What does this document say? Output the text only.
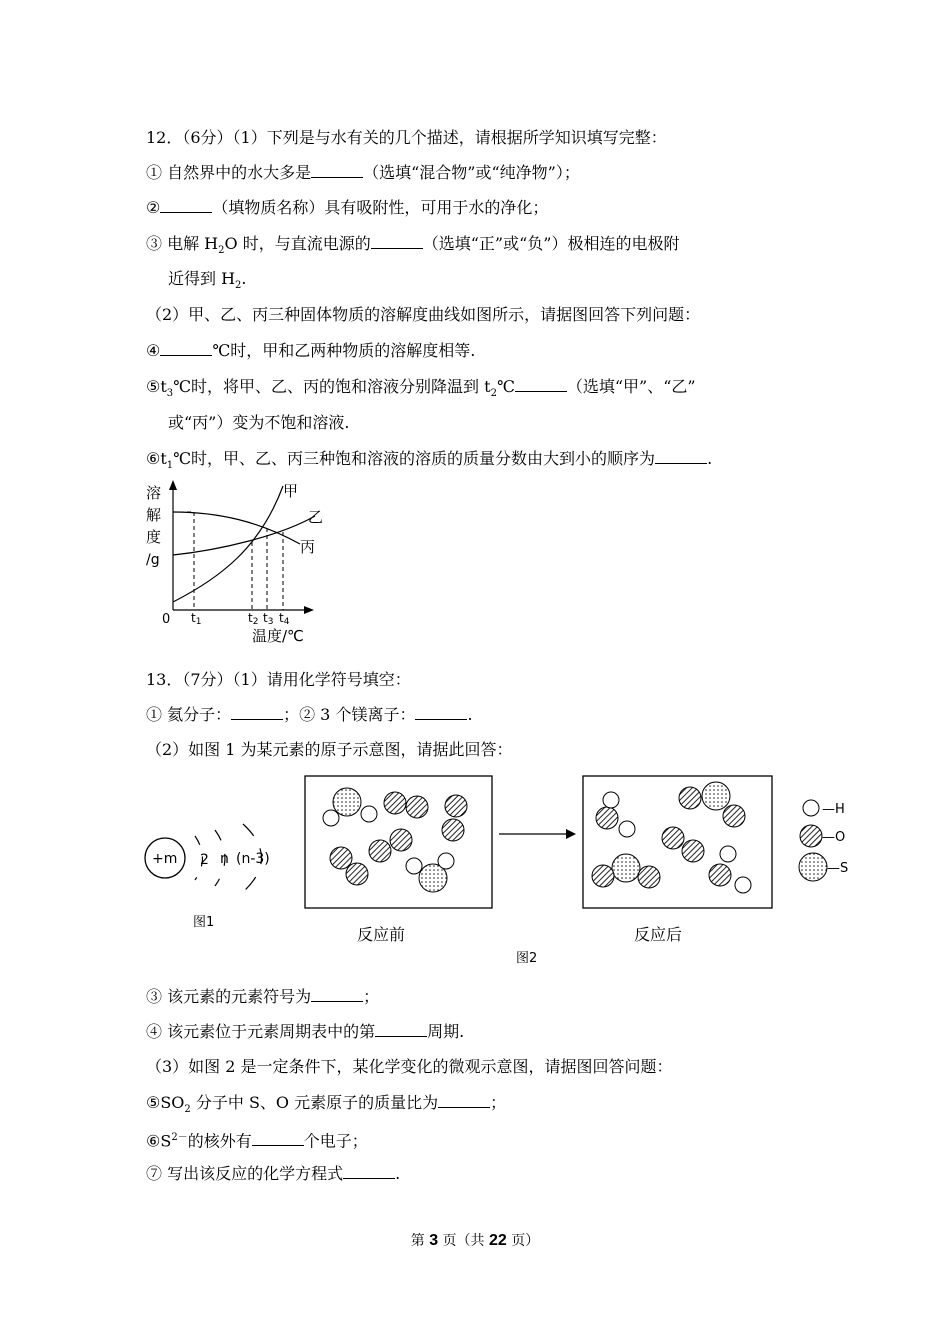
12．（6分）（1）下列是与水有关的几个描述，请根据所学知识填写完整：
① 自然界中的水大多是	（选填“混合物”或“纯净物”）；
②	（填物质名称）具有吸附性，可用于水的净化；
③ 电解 $H_2O$ 时，与直流电源的	（选填“正”或“负”）极相连的电极附
近得到 $H_2$.
（2）甲、乙、丙三种固体物质的溶解度曲线如图所示，请据图回答下列问题：
④	℃时，甲和乙两种物质的溶解度相等.
$⑤t_3℃$时，将甲、乙、丙的饱和溶液分别降温到 $t_2℃$	（选填“甲”、“乙”
或“丙”）变为不饱和溶液.
$⑥t_1℃$时，甲、乙、丙三种饱和溶液的溶质的质量分数由大到小的顺序为	.
溶
解
度
/g
0 t1	t2 t3 t4
温度/℃
甲
乙
丙
13．（7分）（1）请用化学符号填空：
① 氦分子：	；② 3 个镁离子：	.
（2）如图 1 为某元素的原子示意图，请据此回答：
+m 2 n (n-3)
图1
—H
—O
—S
反应前	反应后
图2
③ 该元素的元素符号为	；
④ 该元素位于元素周期表中的第	周期.
（3）如图 2 是一定条件下，某化学变化的微观示意图，请据图回答问题：
$⑤SO_2$ 分子中 S、O 元素原子的质量比为	；
$⑥S^{2-}$的核外有	个电子；
⑦ 写出该反应的化学方程式	.
第 3 页（共 22 页）
